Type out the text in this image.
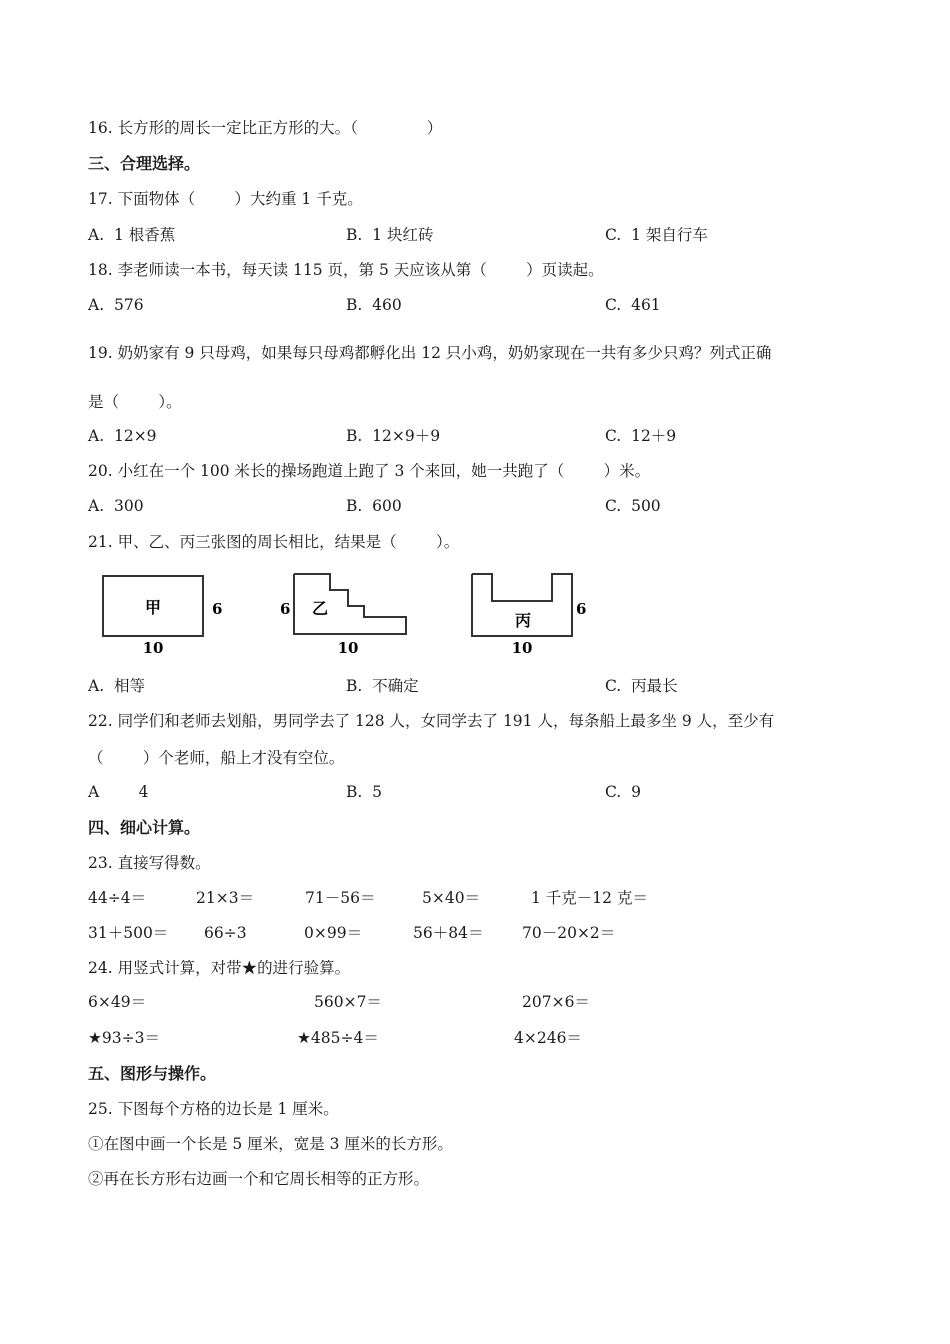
16. 长方形的周长一定比正方形的大。（              ）
三、合理选择。
17. 下面物体（        ）大约重 1 千克。
A.  1 根香蕉	B.  1 块红砖	C.  1 架自行车
18. 李老师读一本书，每天读 115 页，第 5 天应该从第（        ）页读起。
A.  576	B.  460	C.  461
19. 奶奶家有 9 只母鸡，如果每只母鸡都孵化出 12 只小鸡，奶奶家现在一共有多少只鸡？列式正确
是（        ）。
A.  12×9	B.  12×9＋9	C.  12＋9
20. 小红在一个 100 米长的操场跑道上跑了 3 个来回，她一共跑了（        ）米。
A.  300	B.  600	C.  500
21. 甲、乙、丙三张图的周长相比，结果是（        ）。
甲	6
10
乙
6
10
丙
6
10
A.  相等	B.  不确定	C.  丙最长
22. 同学们和老师去划船，男同学去了 128 人，女同学去了 191 人，每条船上最多坐 9 人，至少有
（        ）个老师，船上才没有空位。
A        4	B.  5	C.  9
四、细心计算。
23. 直接写得数。
44÷4＝	21×3＝	71－56＝	5×40＝	1 千克－12 克＝
31＋500＝ 66÷3	0×99＝	56＋84＝ 70－20×2＝
24. 用竖式计算，对带★的进行验算。
6×49＝	560×7＝	207×6＝
★93÷3＝	★485÷4＝	4×246＝
五、图形与操作。
25. 下图每个方格的边长是 1 厘米。
①在图中画一个长是 5 厘米，宽是 3 厘米的长方形。
②再在长方形右边画一个和它周长相等的正方形。
